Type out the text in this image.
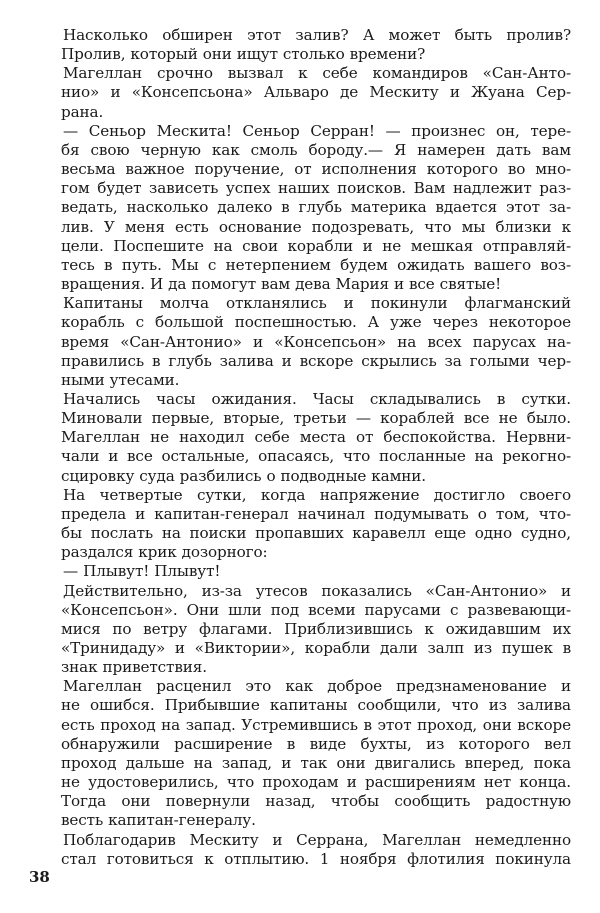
Насколько обширен этот залив? А может быть пролив?
Пролив, который они ищут столько времени?

Магеллан срочно вызвал к себе командиров «Сан-Анто-
нио» и «Консепсьона» Альваро де Мескиту и Жуана Сер-
рана.

— Сеньор Мескита! Сеньор Серран! — произнес он, тере-
бя свою черную как смоль бороду.— Я намерен дать вам
весьма важное поручение, от исполнения которого во мно-
гом будет зависеть успех наших поисков. Вам надлежит раз-
ведать, насколько далеко в глубь материка вдается этот за-
лив. У меня есть основание подозревать, что мы близки к
цели. Поспешите на свои корабли и не мешкая отправляй-
тесь в путь. Мы с нетерпением будем ожидать вашего воз-
вращения. И да помогут вам дева Мария и все святые!

Капитаны молча откланялись и покинули флагманский
корабль с большой поспешностью. А уже через некоторое
время «Сан-Антонио» и «Консепсьон» на всех парусах на-
правились в глубь залива и вскоре скрылись за голыми чер-
ными утесами.

Начались часы ожидания. Часы складывались в сутки.
Миновали первые, вторые, третьи — кораблей все не было.
Магеллан не находил себе места от беспокойства. Нервни-
чали и все остальные, опасаясь, что посланные на рекогно-
сцировку суда разбились о подводные камни.

На четвертые сутки, когда напряжение достигло своего
предела и капитан-генерал начинал подумывать о том, что-
бы послать на поиски пропавших каравелл еще одно судно,
раздался крик дозорного:

— Плывут! Плывут!

Действительно, из-за утесов показались «Сан-Антонио» и
«Консепсьон». Они шли под всеми парусами с развевающи-
мися по ветру флагами. Приблизившись к ожидавшим их
«Тринидаду» и «Виктории», корабли дали залп из пушек в
знак приветствия.

Магеллан расценил это как доброе предзнаменование и
не ошибся. Прибывшие капитаны сообщили, что из залива
есть проход на запад. Устремившись в этот проход, они вскоре
обнаружили расширение в виде бухты, из которого вел
проход дальше на запад, и так они двигались вперед, пока
не удостоверились, что проходам и расширениям нет конца.
Тогда они повернули назад, чтобы сообщить радостную
весть капитан-генералу.

Поблагодарив Мескиту и Серрана, Магеллан немедленно
стал готовиться к отплытию. 1 ноября флотилия покинула

38
